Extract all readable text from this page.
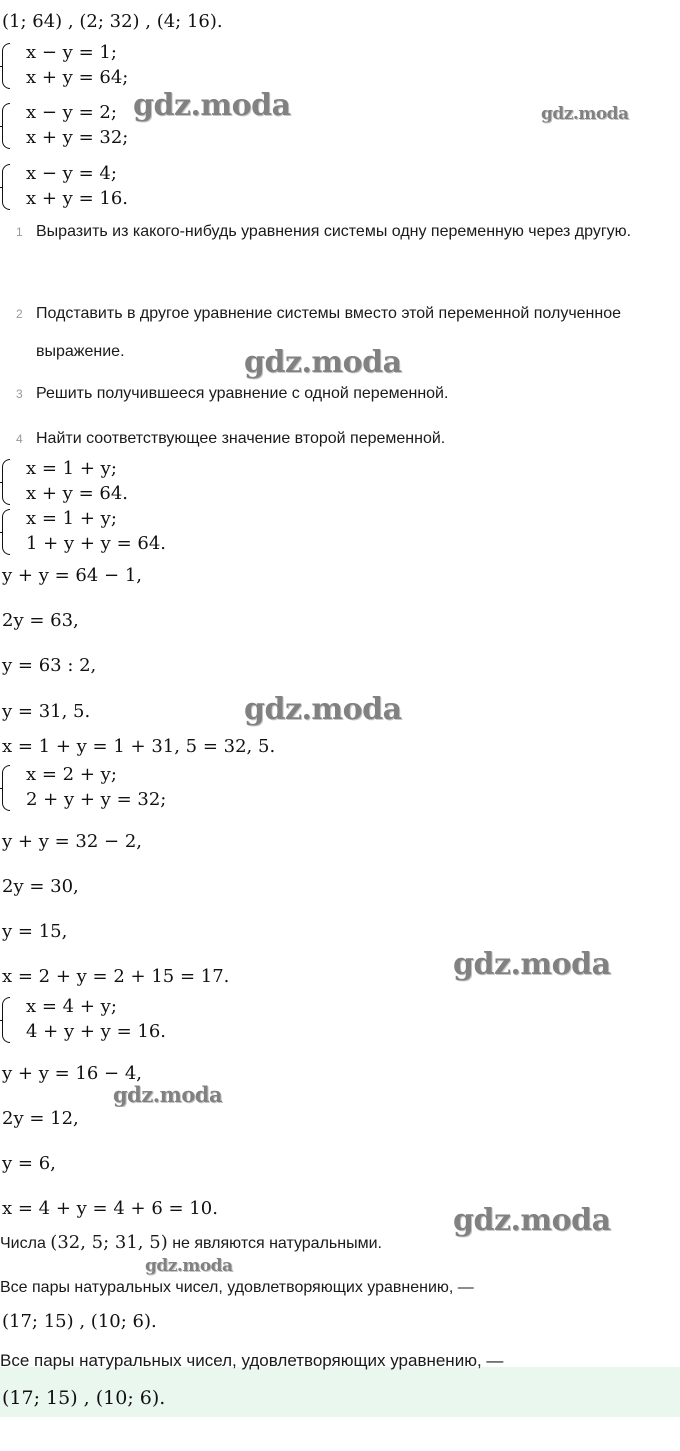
(1; 64) , (2; 32) , (4; 16).
x − y = 1;
x + y = 64;
x − y = 2;
x + y = 32;
x − y = 4;
x + y = 16.
1 Выразить из какого-нибудь уравнения системы одну переменную через другую.
2 Подставить в другое уравнение системы вместо этой переменной полученное выражение.
3 Решить получившееся уравнение с одной переменной.
4 Найти соответствующее значение второй переменной.
x = 1 + y;
x + y = 64.
x = 1 + y;
1 + y + y = 64.
y + y = 64 − 1,
2y = 63,
y = 63 : 2,
y = 31, 5.
x = 1 + y = 1 + 31, 5 = 32, 5.
x = 2 + y;
2 + y + y = 32;
y + y = 32 − 2,
2y = 30,
y = 15,
x = 2 + y = 2 + 15 = 17.
x = 4 + y;
4 + y + y = 16.
y + y = 16 − 4,
2y = 12,
y = 6,
x = 4 + y = 4 + 6 = 10.
Числа (32, 5; 31, 5) не являются натуральными.
Все пары натуральных чисел, удовлетворяющих уравнению, —
(17; 15) , (10; 6).
Все пары натуральных чисел, удовлетворяющих уравнению, —
(17; 15) , (10; 6).
gdz.moda	gdz.moda
gdz.moda
gdz.moda
gdz.moda
gdz.moda
gdz.moda
gdz.moda
